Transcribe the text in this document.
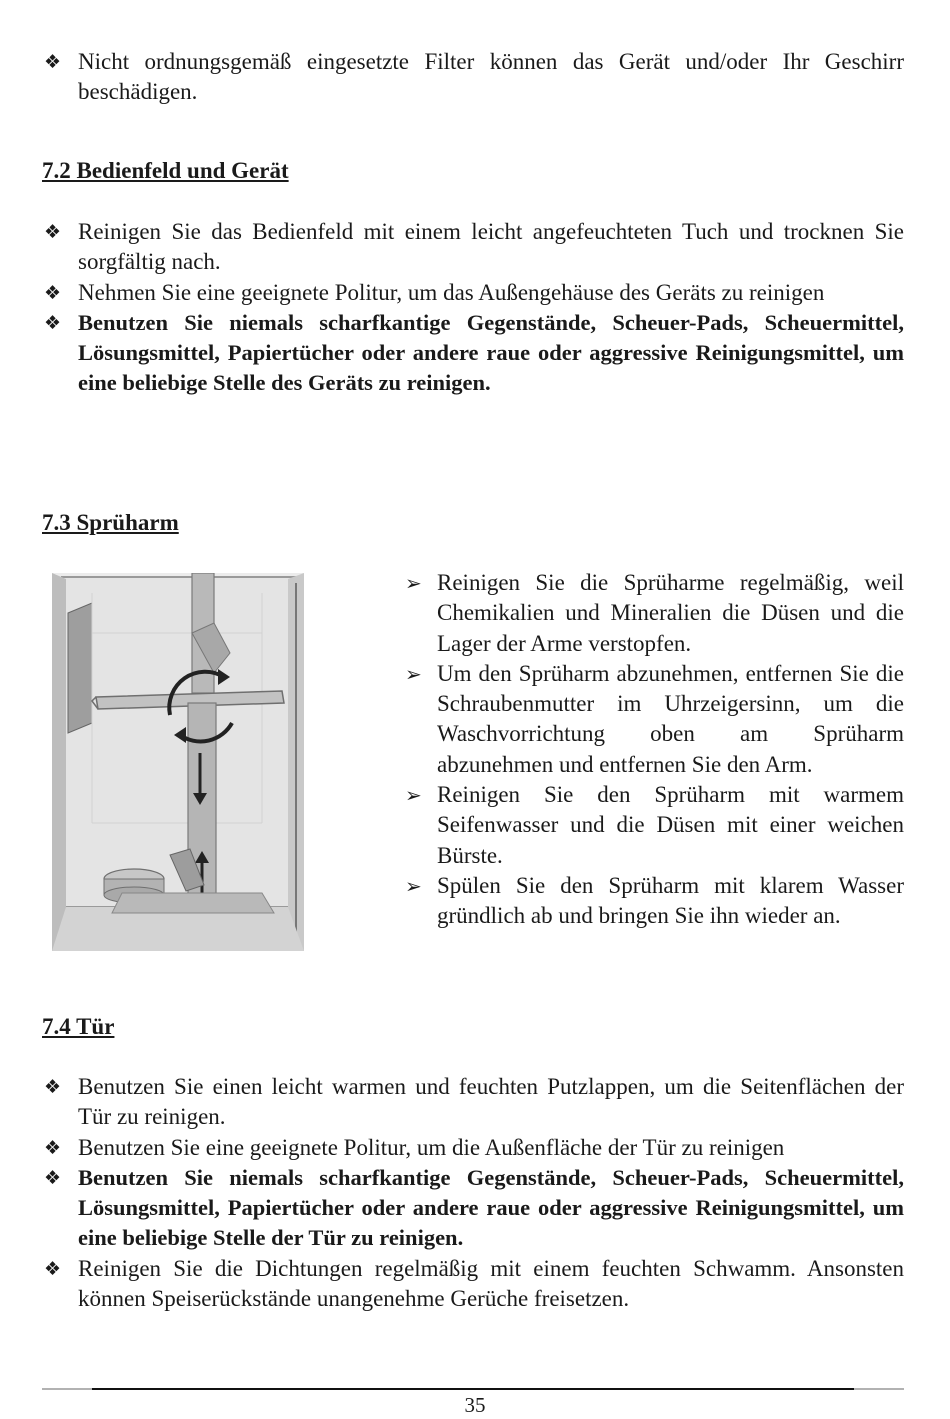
❖ Nicht ordnungsgemäß eingesetzte Filter können das Gerät und/oder Ihr Geschirr beschädigen.
7.2 Bedienfeld und Gerät
❖ Reinigen Sie das Bedienfeld mit einem leicht angefeuchteten Tuch und trocknen Sie sorgfältig nach.
❖ Nehmen Sie eine geeignete Politur, um das Außengehäuse des Geräts zu reinigen
❖ Benutzen Sie niemals scharfkantige Gegenstände, Scheuer-Pads, Scheuermittel, Lösungsmittel, Papiertücher oder andere raue oder aggressive Reinigungsmittel, um eine beliebige Stelle des Geräts zu reinigen.
7.3 Sprüharm
➢ Reinigen Sie die Sprüharme regelmäßig, weil Chemikalien und Mineralien die Düsen und die Lager der Arme verstopfen.
➢ Um den Sprüharm abzunehmen, entfernen Sie die Schraubenmutter im Uhrzeigersinn, um die Waschvorrichtung oben am Sprüharm abzunehmen und entfernen Sie den Arm.
➢ Reinigen Sie den Sprüharm mit warmem Seifenwasser und die Düsen mit einer weichen Bürste.
➢ Spülen Sie den Sprüharm mit klarem Wasser gründlich ab und bringen Sie ihn wieder an.
7.4 Tür
❖ Benutzen Sie einen leicht warmen und feuchten Putzlappen, um die Seitenflächen der Tür zu reinigen.
❖ Benutzen Sie eine geeignete Politur, um die Außenfläche der Tür zu reinigen
❖ Benutzen Sie niemals scharfkantige Gegenstände, Scheuer-Pads, Scheuermittel, Lösungsmittel, Papiertücher oder andere raue oder aggressive Reinigungsmittel, um eine beliebige Stelle der Tür zu reinigen.
❖ Reinigen Sie die Dichtungen regelmäßig mit einem feuchten Schwamm. Ansonsten können Speiserückstände unangenehme Gerüche freisetzen.
35
